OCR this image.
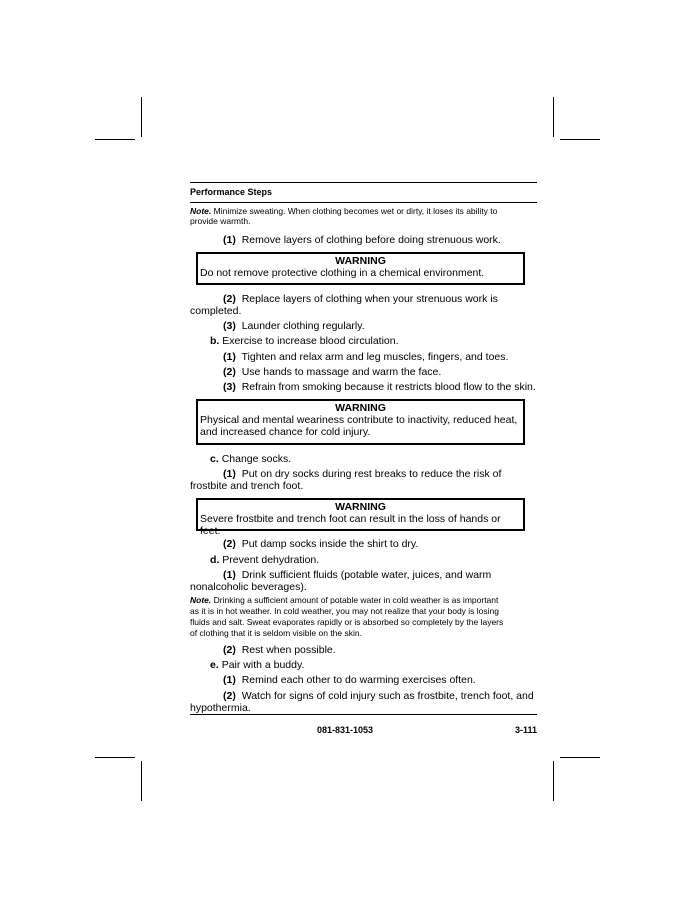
Performance Steps
Note. Minimize sweating. When clothing becomes wet or dirty, it loses its ability to
provide warmth.
(1) Remove layers of clothing before doing strenuous work.
WARNING
Do not remove protective clothing in a chemical environment.
(2) Replace layers of clothing when your strenuous work is
completed.
(3) Launder clothing regularly.
b. Exercise to increase blood circulation.
(1) Tighten and relax arm and leg muscles, fingers, and toes.
(2) Use hands to massage and warm the face.
(3) Refrain from smoking because it restricts blood flow to the skin.
WARNING
Physical and mental weariness contribute to inactivity, reduced heat,
and increased chance for cold injury.
c. Change socks.
(1) Put on dry socks during rest breaks to reduce the risk of
frostbite and trench foot.
WARNING
Severe frostbite and trench foot can result in the loss of hands or feet.
(2) Put damp socks inside the shirt to dry.
d. Prevent dehydration.
(1) Drink sufficient fluids (potable water, juices, and warm
nonalcoholic beverages).
Note. Drinking a sufficient amount of potable water in cold weather is as important
as it is in hot weather. In cold weather, you may not realize that your body is losing
fluids and salt. Sweat evaporates rapidly or is absorbed so completely by the layers
of clothing that it is seldom visible on the skin.
(2) Rest when possible.
e. Pair with a buddy.
(1) Remind each other to do warming exercises often.
(2) Watch for signs of cold injury such as frostbite, trench foot, and
hypothermia.
081-831-1053	3-111
